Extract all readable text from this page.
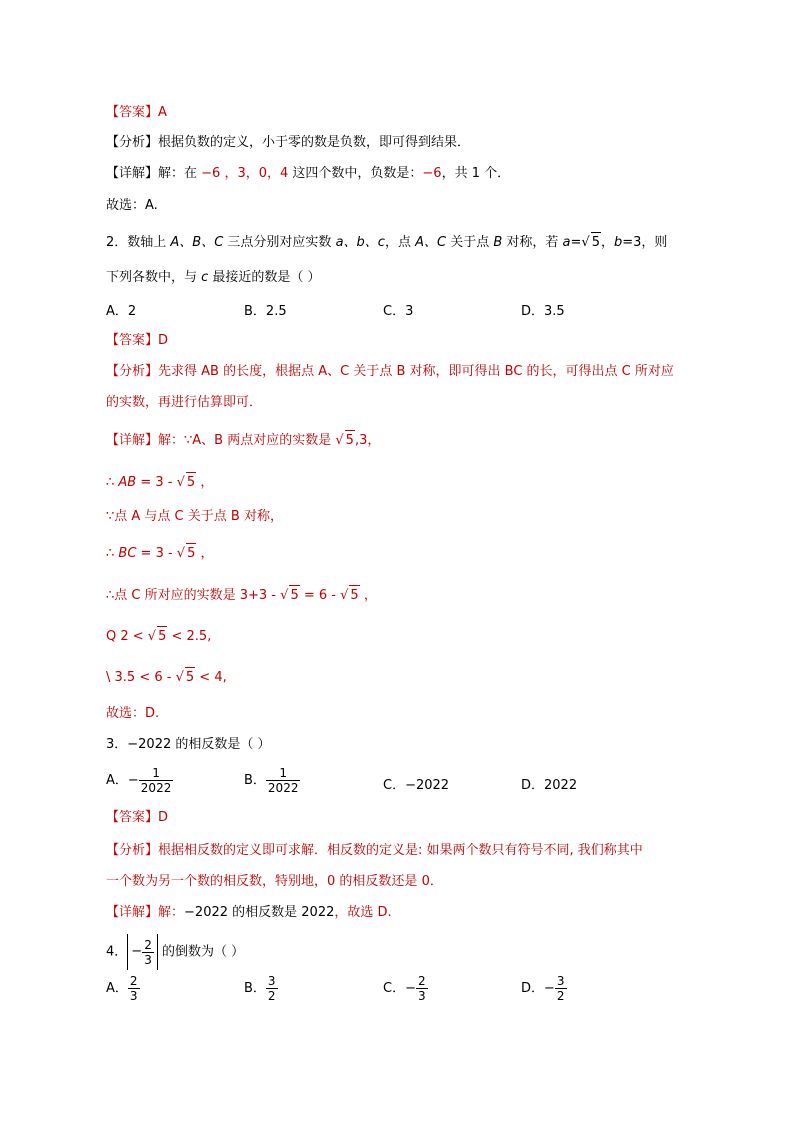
【答案】A
【分析】根据负数的定义，小于零的数是负数，即可得到结果．
【详解】解：在 −6 ，3，0，4 这四个数中，负数是：−6，共 1 个．
故选：A.
2．数轴上 A、B、C 三点分别对应实数 a、b、c，点 A、C 关于点 B 对称，若 a=√ 5，b=3，则
下列各数中，与 c 最接近的数是（ ）
A．2	B．2.5	C．3	D．3.5
【答案】D
【分析】先求得 AB 的长度，根据点 A、C 关于点 B 对称，即可得出 BC 的长，可得出点 C 所对应
的实数，再进行估算即可．
【详解】解：∵A、B 两点对应的实数是 √ 5,3，
∴ AB = 3 - √ 5 ，
∵点 A 与点 C 关于点 B 对称，
∴ BC = 3 - √ 5 ，
∴点 C 所对应的实数是 3+3 - √ 5 = 6 - √ 5 ，
Q 2 < √ 5 < 2.5,
\ 3.5 < 6 - √ 5 < 4,
故选：D.
3．−2022 的相反数是（ ）
A．− $\frac{1}{2022}$	B． $\frac{1}{2022}$	C．−2022	D．2022
【答案】D
【分析】根据相反数的定义即可求解．相反数的定义是: 如果两个数只有符号不同, 我们称其中
一个数为另一个数的相反数，特别地，0 的相反数还是 0．
【详解】解：−2022 的相反数是 2022，故选 D.
4． − $\frac{2}{3}$ 的倒数为（ ）
A． $\frac{2}{3}$	B． $\frac{3}{2}$	C．− $\frac{2}{3}$	D．− $\frac{3}{2}$
